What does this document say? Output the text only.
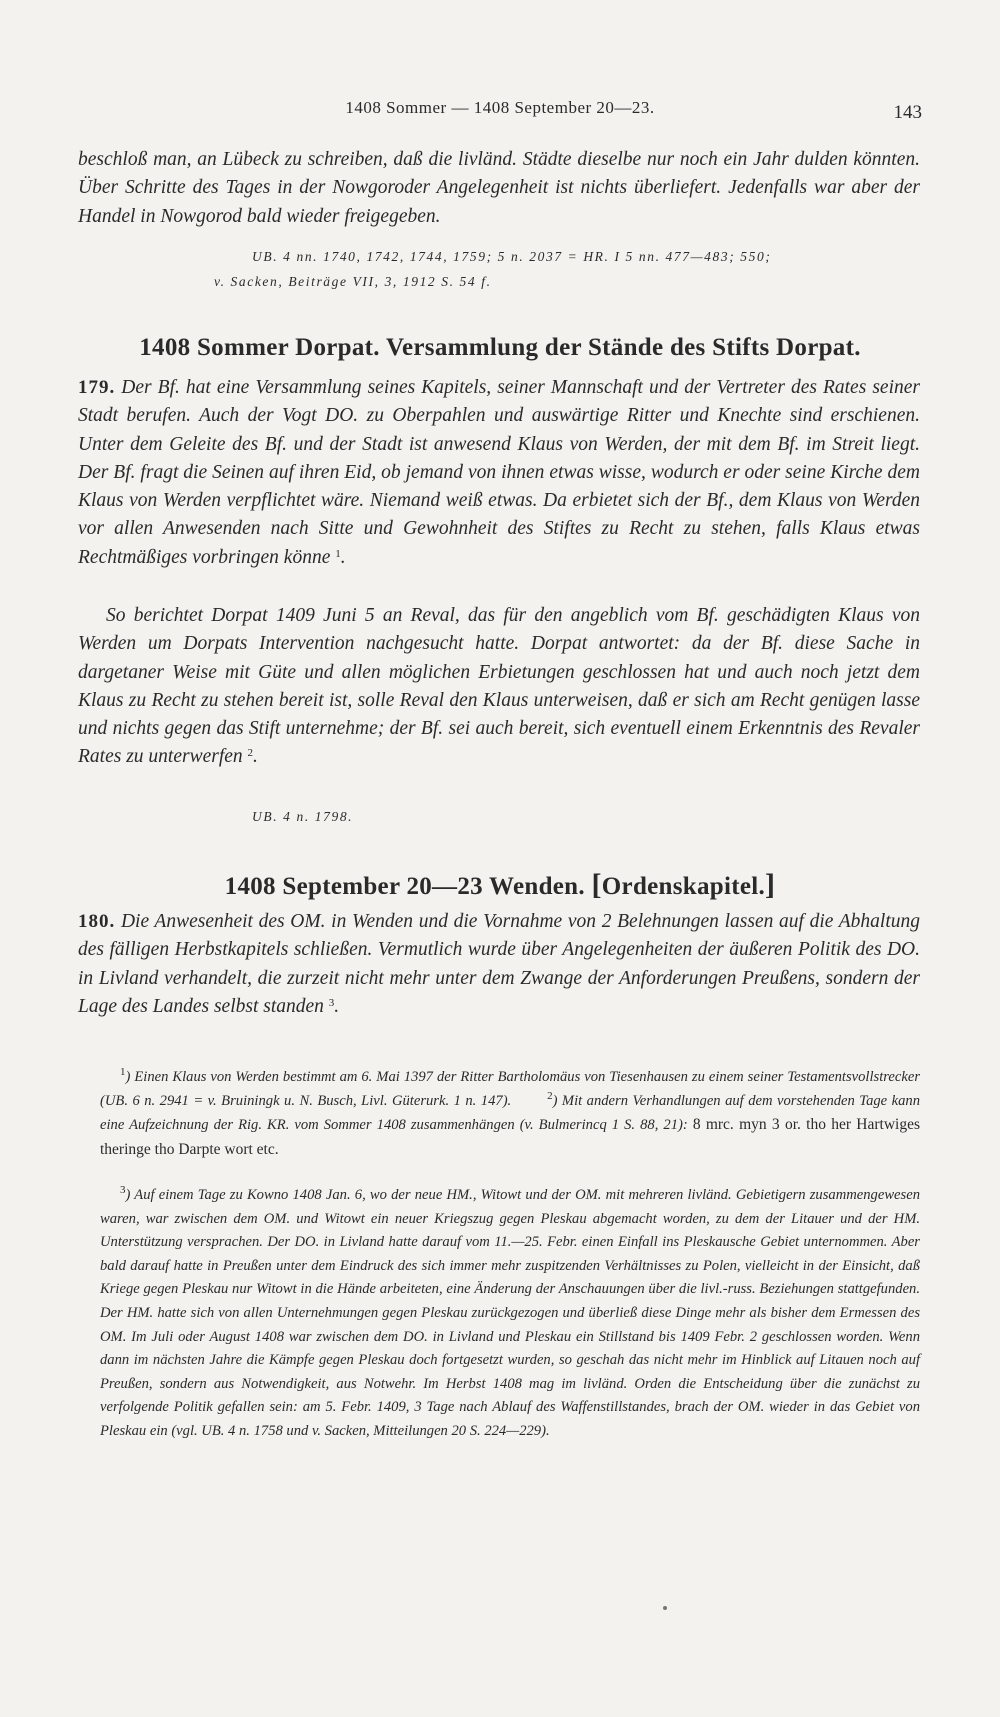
1408 Sommer — 1408 September 20—23.	143

beschloß man, an Lübeck zu schreiben, daß die livländ. Städte dieselbe nur noch ein Jahr dulden könnten. Über Schritte des Tages in der Nowgoroder Angelegenheit ist nichts überliefert. Jedenfalls war aber der Handel in Nowgorod bald wieder freigegeben.

UB. 4 nn. 1740, 1742, 1744, 1759; 5 n. 2037 = HR. I 5 nn. 477—483; 550;

v. Sacken, Beiträge VII, 3, 1912 S. 54 f.

1408 Sommer Dorpat. Versammlung der Stände des Stifts Dorpat.

179. Der Bf. hat eine Versammlung seines Kapitels, seiner Mannschaft und der Vertreter des Rates seiner Stadt berufen. Auch der Vogt DO. zu Oberpahlen und auswärtige Ritter und Knechte sind erschienen. Unter dem Geleite des Bf. und der Stadt ist anwesend Klaus von Werden, der mit dem Bf. im Streit liegt. Der Bf. fragt die Seinen auf ihren Eid, ob jemand von ihnen etwas wisse, wodurch er oder seine Kirche dem Klaus von Werden verpflichtet wäre. Niemand weiß etwas. Da erbietet sich der Bf., dem Klaus von Werden vor allen Anwesenden nach Sitte und Gewohnheit des Stiftes zu Recht zu stehen, falls Klaus etwas Rechtmäßiges vorbringen könne $^1$.

So berichtet Dorpat 1409 Juni 5 an Reval, das für den angeblich vom Bf. geschädigten Klaus von Werden um Dorpats Intervention nachgesucht hatte. Dorpat antwortet: da der Bf. diese Sache in dargetaner Weise mit Güte und allen möglichen Erbietungen geschlossen hat und auch noch jetzt dem Klaus zu Recht zu stehen bereit ist, solle Reval den Klaus unterweisen, daß er sich am Recht genügen lasse und nichts gegen das Stift unternehme; der Bf. sei auch bereit, sich eventuell einem Erkenntnis des Revaler Rates zu unterwerfen $^2$.

UB. 4 n. 1798.

1408 September 20—23 Wenden. [Ordenskapitel.]

180. Die Anwesenheit des OM. in Wenden und die Vornahme von 2 Belehnungen lassen auf die Abhaltung des fälligen Herbstkapitels schließen. Vermutlich wurde über Angelegenheiten der äußeren Politik des DO. in Livland verhandelt, die zurzeit nicht mehr unter dem Zwange der Anforderungen Preußens, sondern der Lage des Landes selbst standen $^3$.

$^1$) Einen Klaus von Werden bestimmt am 6. Mai 1397 der Ritter Bartholomäus von Tiesenhausen zu einem seiner Testamentsvollstrecker (UB. 6 n. 2941 = v. Bruiningk u. N. Busch, Livl. Güterurk. 1 n. 147).	$^2$) Mit andern Verhandlungen auf dem vorstehenden Tage kann eine Aufzeichnung der Rig. KR. vom Sommer 1408 zusammenhängen (v. Bulmerincq 1 S. 88, 21): 8 mrc. myn 3 or. tho her Hartwiges theringe tho Darpte wort etc.

$^3$) Auf einem Tage zu Kowno 1408 Jan. 6, wo der neue HM., Witowt und der OM. mit mehreren livländ. Gebietigern zusammengewesen waren, war zwischen dem OM. und Witowt ein neuer Kriegszug gegen Pleskau abgemacht worden, zu dem der Litauer und der HM. Unterstützung versprachen. Der DO. in Livland hatte darauf vom 11.—25. Febr. einen Einfall ins Pleskausche Gebiet unternommen. Aber bald darauf hatte in Preußen unter dem Eindruck des sich immer mehr zuspitzenden Verhältnisses zu Polen, vielleicht in der Einsicht, daß Kriege gegen Pleskau nur Witowt in die Hände arbeiteten, eine Änderung der Anschauungen über die livl.-russ. Beziehungen stattgefunden. Der HM. hatte sich von allen Unternehmungen gegen Pleskau zurückgezogen und überließ diese Dinge mehr als bisher dem Ermessen des OM. Im Juli oder August 1408 war zwischen dem DO. in Livland und Pleskau ein Stillstand bis 1409 Febr. 2 geschlossen worden. Wenn dann im nächsten Jahre die Kämpfe gegen Pleskau doch fortgesetzt wurden, so geschah das nicht mehr im Hinblick auf Litauen noch auf Preußen, sondern aus Notwendigkeit, aus Notwehr. Im Herbst 1408 mag im livländ. Orden die Entscheidung über die zunächst zu verfolgende Politik gefallen sein: am 5. Febr. 1409, 3 Tage nach Ablauf des Waffenstillstandes, brach der OM. wieder in das Gebiet von Pleskau ein (vgl. UB. 4 n. 1758 und v. Sacken, Mitteilungen 20 S. 224—229).
